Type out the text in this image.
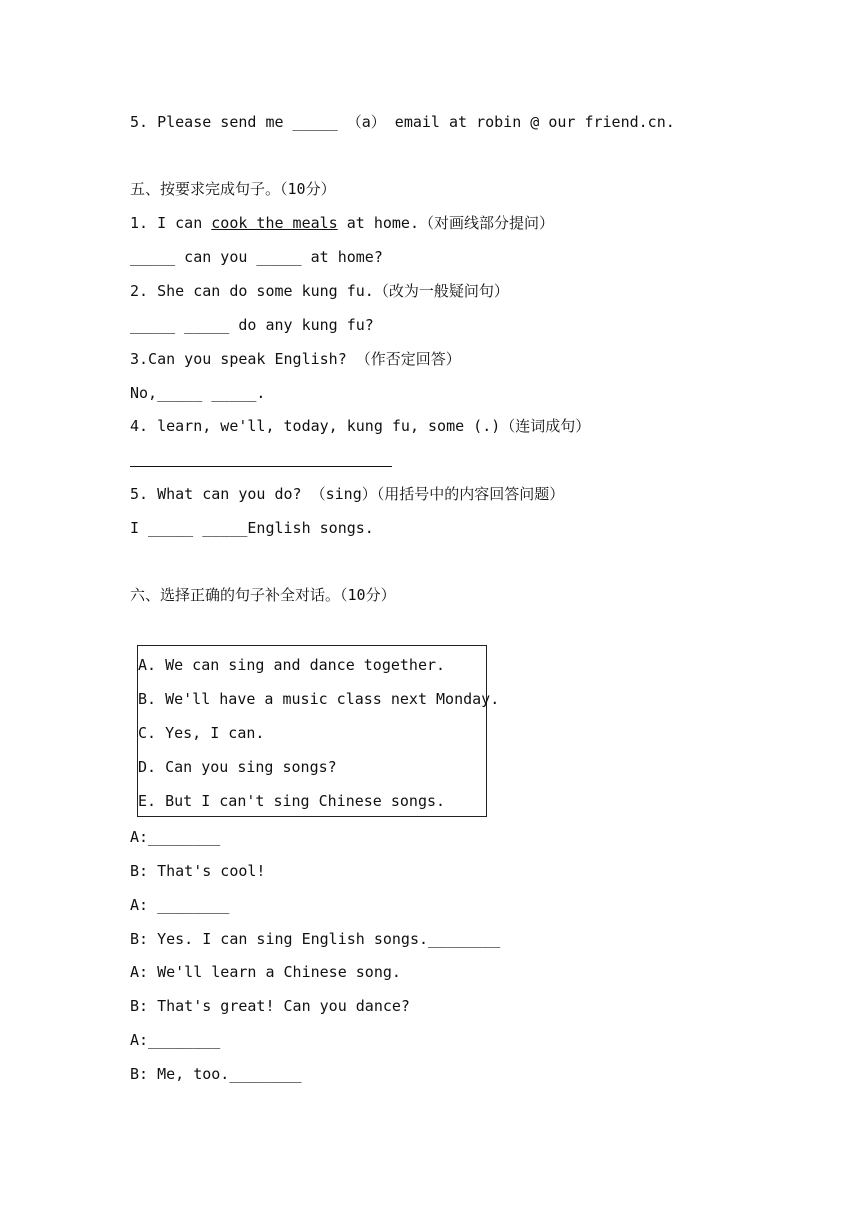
5. Please send me _____ （a） email at robin @ our friend.cn.
五、按要求完成句子。（10分）
1. I can cook the meals at home.（对画线部分提问）
_____ can you _____ at home?
2. She can do some kung fu.（改为一般疑问句）
_____ _____ do any kung fu?
3.Can you speak English? （作否定回答）
No,_____ _____.
4. learn, we'll, today, kung fu, some (.)（连词成句）
5. What can you do? （sing）（用括号中的内容回答问题）
I _____ _____English songs.
六、选择正确的句子补全对话。（10分）
A. We can sing and dance together.
B. We'll have a music class next Monday.
C. Yes, I can.
D. Can you sing songs?
E. But I can't sing Chinese songs.
A:________
B: That's cool!
A: ________
B: Yes. I can sing English songs.________
A: We'll learn a Chinese song.
B: That's great! Can you dance?
A:________
B: Me, too.________
